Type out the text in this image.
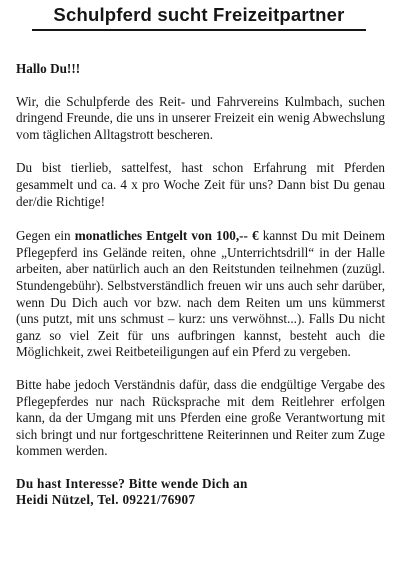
Schulpferd sucht Freizeitpartner

Hallo Du!!!

Wir, die Schulpferde des Reit- und Fahrvereins Kulmbach, suchen dringend Freunde, die uns in unserer Freizeit ein wenig Abwechslung vom täglichen Alltagstrott bescheren.

Du bist tierlieb, sattelfest, hast schon Erfahrung mit Pferden gesammelt und ca. 4 x pro Woche Zeit für uns? Dann bist Du genau der/die Richtige!

Gegen ein monatliches Entgelt von 100,-- € kannst Du mit Deinem Pflegepferd ins Gelände reiten, ohne „Unterrichtsdrill“ in der Halle arbeiten, aber natürlich auch an den Reitstunden teilnehmen (zuzügl. Stundengebühr). Selbstverständlich freuen wir uns auch sehr darüber, wenn Du Dich auch vor bzw. nach dem Reiten um uns kümmerst (uns putzt, mit uns schmust – kurz: uns verwöhnst...). Falls Du nicht ganz so viel Zeit für uns aufbringen kannst, besteht auch die Möglichkeit, zwei Reitbeteiligungen auf ein Pferd zu vergeben.

Bitte habe jedoch Verständnis dafür, dass die endgültige Vergabe des Pflegepferdes nur nach Rücksprache mit dem Reitlehrer erfolgen kann, da der Umgang mit uns Pferden eine große Verantwortung mit sich bringt und nur fortgeschrittene Reiterinnen und Reiter zum Zuge kommen werden.

Du hast Interesse? Bitte wende Dich an
Heidi Nützel, Tel. 09221/76907
